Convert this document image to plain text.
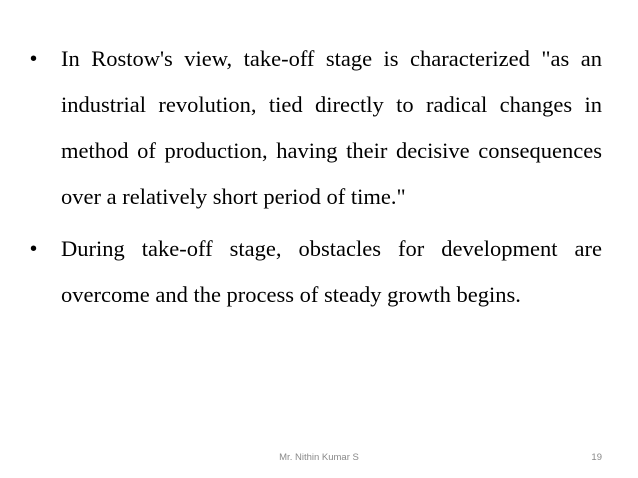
• In Rostow's view, take-off stage is characterized "as an industrial revolution, tied directly to radical changes in method of production, having their decisive consequences over a relatively short period of time."
• During take-off stage, obstacles for development are overcome and the process of steady growth begins.
Mr. Nithin Kumar S	19
